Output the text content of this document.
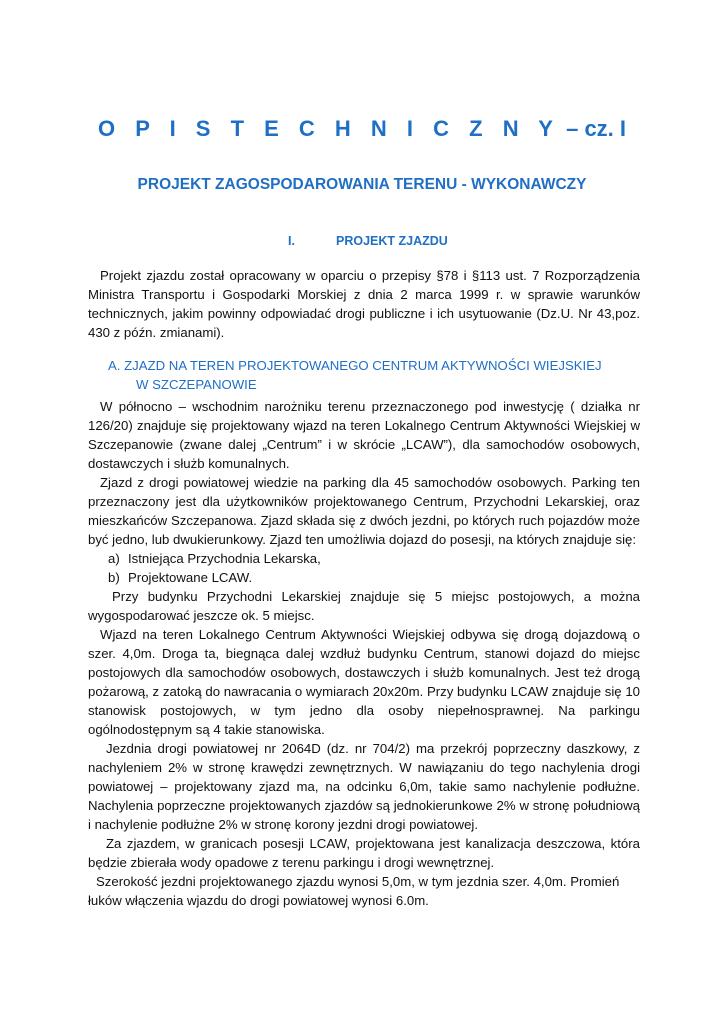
O P I S T E C H N I C Z N Y – cz. I
PROJEKT ZAGOSPODAROWANIA TERENU - WYKONAWCZY
I.	PROJEKT ZJAZDU

Projekt zjazdu został opracowany w oparciu o przepisy §78 i §113 ust. 7 Rozporządzenia Ministra Transportu i Gospodarki Morskiej z dnia 2 marca 1999 r. w sprawie warunków technicznych, jakim powinny odpowiadać drogi publiczne i ich usytuowanie (Dz.U. Nr 43,poz. 430 z późn. zmianami).

A. ZJAZD NA TEREN PROJEKTOWANEGO CENTRUM AKTYWNOŚCI WIEJSKIEJ
W SZCZEPANOWIE

W północno – wschodnim narożniku terenu przeznaczonego pod inwestycję ( działka nr 126/20) znajduje się projektowany wjazd na teren Lokalnego Centrum Aktywności Wiejskiej w Szczepanowie (zwane dalej „Centrum” i w skrócie „LCAW”), dla samochodów osobowych, dostawczych i służb komunalnych.

Zjazd z drogi powiatowej wiedzie na parking dla 45 samochodów osobowych. Parking ten przeznaczony jest dla użytkowników projektowanego Centrum, Przychodni Lekarskiej, oraz mieszkańców Szczepanowa. Zjazd składa się z dwóch jezdni, po których ruch pojazdów może być jedno, lub dwukierunkowy. Zjazd ten umożliwia dojazd do posesji, na których znajduje się:

a) Istniejąca Przychodnia Lekarska,
b) Projektowane LCAW.

Przy budynku Przychodni Lekarskiej znajduje się 5 miejsc postojowych, a można wygospodarować jeszcze ok. 5 miejsc.

Wjazd na teren Lokalnego Centrum Aktywności Wiejskiej odbywa się drogą dojazdową o szer. 4,0m. Droga ta, biegnąca dalej wzdłuż budynku Centrum, stanowi dojazd do miejsc postojowych dla samochodów osobowych, dostawczych i służb komunalnych. Jest też drogą pożarową, z zatoką do nawracania o wymiarach 20x20m. Przy budynku LCAW znajduje się 10 stanowisk postojowych, w tym jedno dla osoby niepełnosprawnej. Na parkingu ogólnodostępnym są 4 takie stanowiska.

Jezdnia drogi powiatowej nr 2064D (dz. nr 704/2) ma przekrój poprzeczny daszkowy, z nachyleniem 2% w stronę krawędzi zewnętrznych. W nawiązaniu do tego nachylenia drogi powiatowej – projektowany zjazd ma, na odcinku 6,0m, takie samo nachylenie podłużne. Nachylenia poprzeczne projektowanych zjazdów są jednokierunkowe 2% w stronę południową i nachylenie podłużne 2% w stronę korony jezdni drogi powiatowej.

Za zjazdem, w granicach posesji LCAW, projektowana jest kanalizacja deszczowa, która będzie zbierała wody opadowe z terenu parkingu i drogi wewnętrznej.

Szerokość jezdni projektowanego zjazdu wynosi 5,0m, w tym jezdnia szer. 4,0m. Promień łuków włączenia wjazdu do drogi powiatowej wynosi 6.0m.
